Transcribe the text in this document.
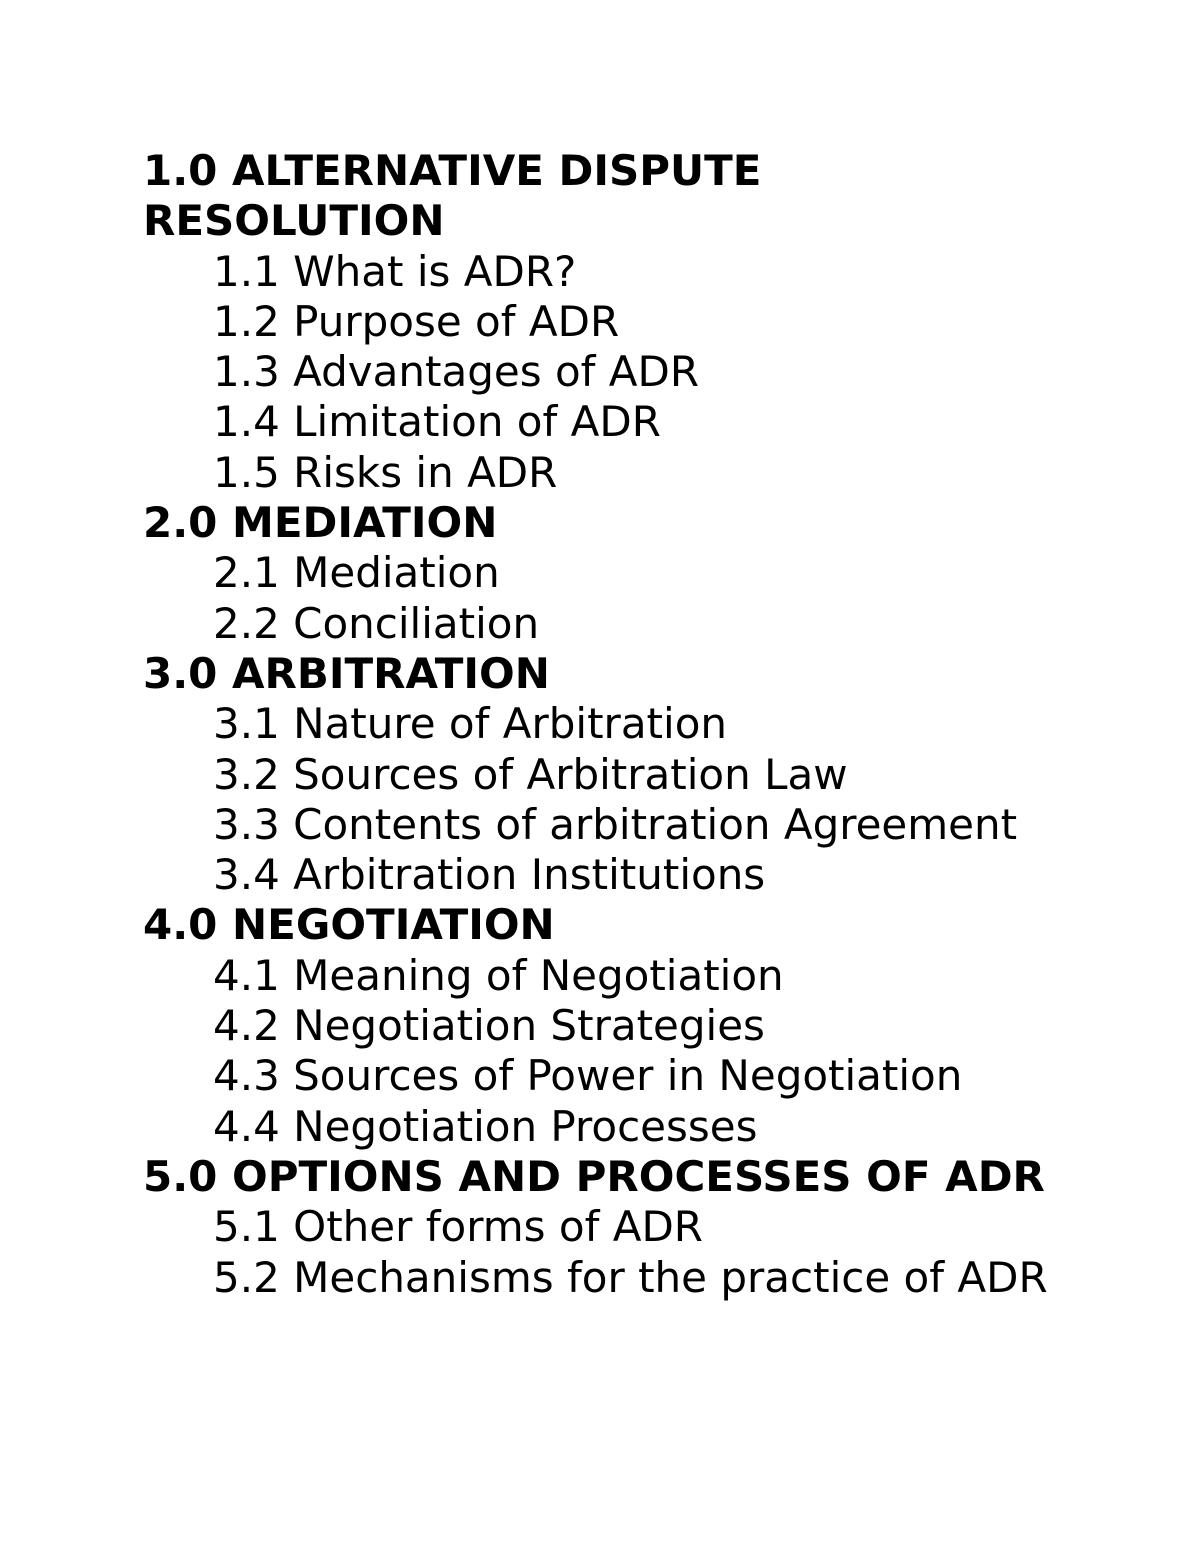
1.0 ALTERNATIVE DISPUTE RESOLUTION

1.1 What is ADR?

1.2 Purpose of ADR

1.3 Advantages of ADR

1.4 Limitation of ADR

1.5 Risks in ADR

2.0 MEDIATION

2.1 Mediation

2.2 Conciliation

3.0 ARBITRATION

3.1 Nature of Arbitration

3.2 Sources of Arbitration Law

3.3 Contents of arbitration Agreement

3.4 Arbitration Institutions

4.0 NEGOTIATION

4.1 Meaning of Negotiation

4.2 Negotiation Strategies

4.3 Sources of Power in Negotiation

4.4 Negotiation Processes

5.0 OPTIONS AND PROCESSES OF ADR

5.1 Other forms of ADR

5.2 Mechanisms for the practice of ADR
